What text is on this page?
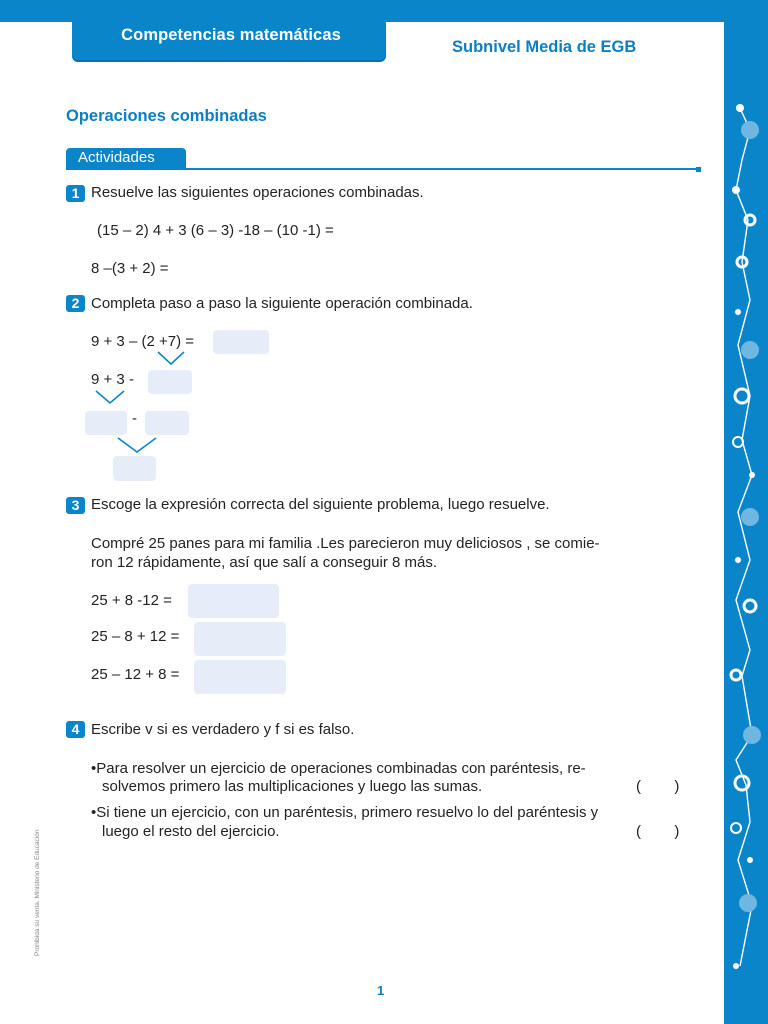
Competencias matemáticas
Subnivel Media de EGB
Operaciones combinadas
Actividades
1 Resuelve las siguientes operaciones combinadas.
(15 – 2) 4 + 3 (6 – 3) -18 – (10 -1) =
8 –(3 + 2) =
2 Completa paso a paso la siguiente operación combinada.
9 + 3 – (2 +7) =
9 + 3 -
-
3 Escoge la expresión correcta del siguiente problema, luego resuelve.
Compré 25 panes para mi familia .Les parecieron muy deliciosos , se comie-
ron 12 rápidamente, así que salí a conseguir 8 más.
25 + 8 -12 =
25 – 8 + 12 =
25 – 12 + 8 =
4 Escribe v si es verdadero y f si es falso.
•Para resolver un ejercicio de operaciones combinadas con paréntesis, re-
solvemos primero las multiplicaciones y luego las sumas.	(        )
•Si tiene un ejercicio, con un paréntesis, primero resuelvo lo del paréntesis y
luego el resto del ejercicio.	(        )
Prohibida su venta. Ministerio de Educación
1
